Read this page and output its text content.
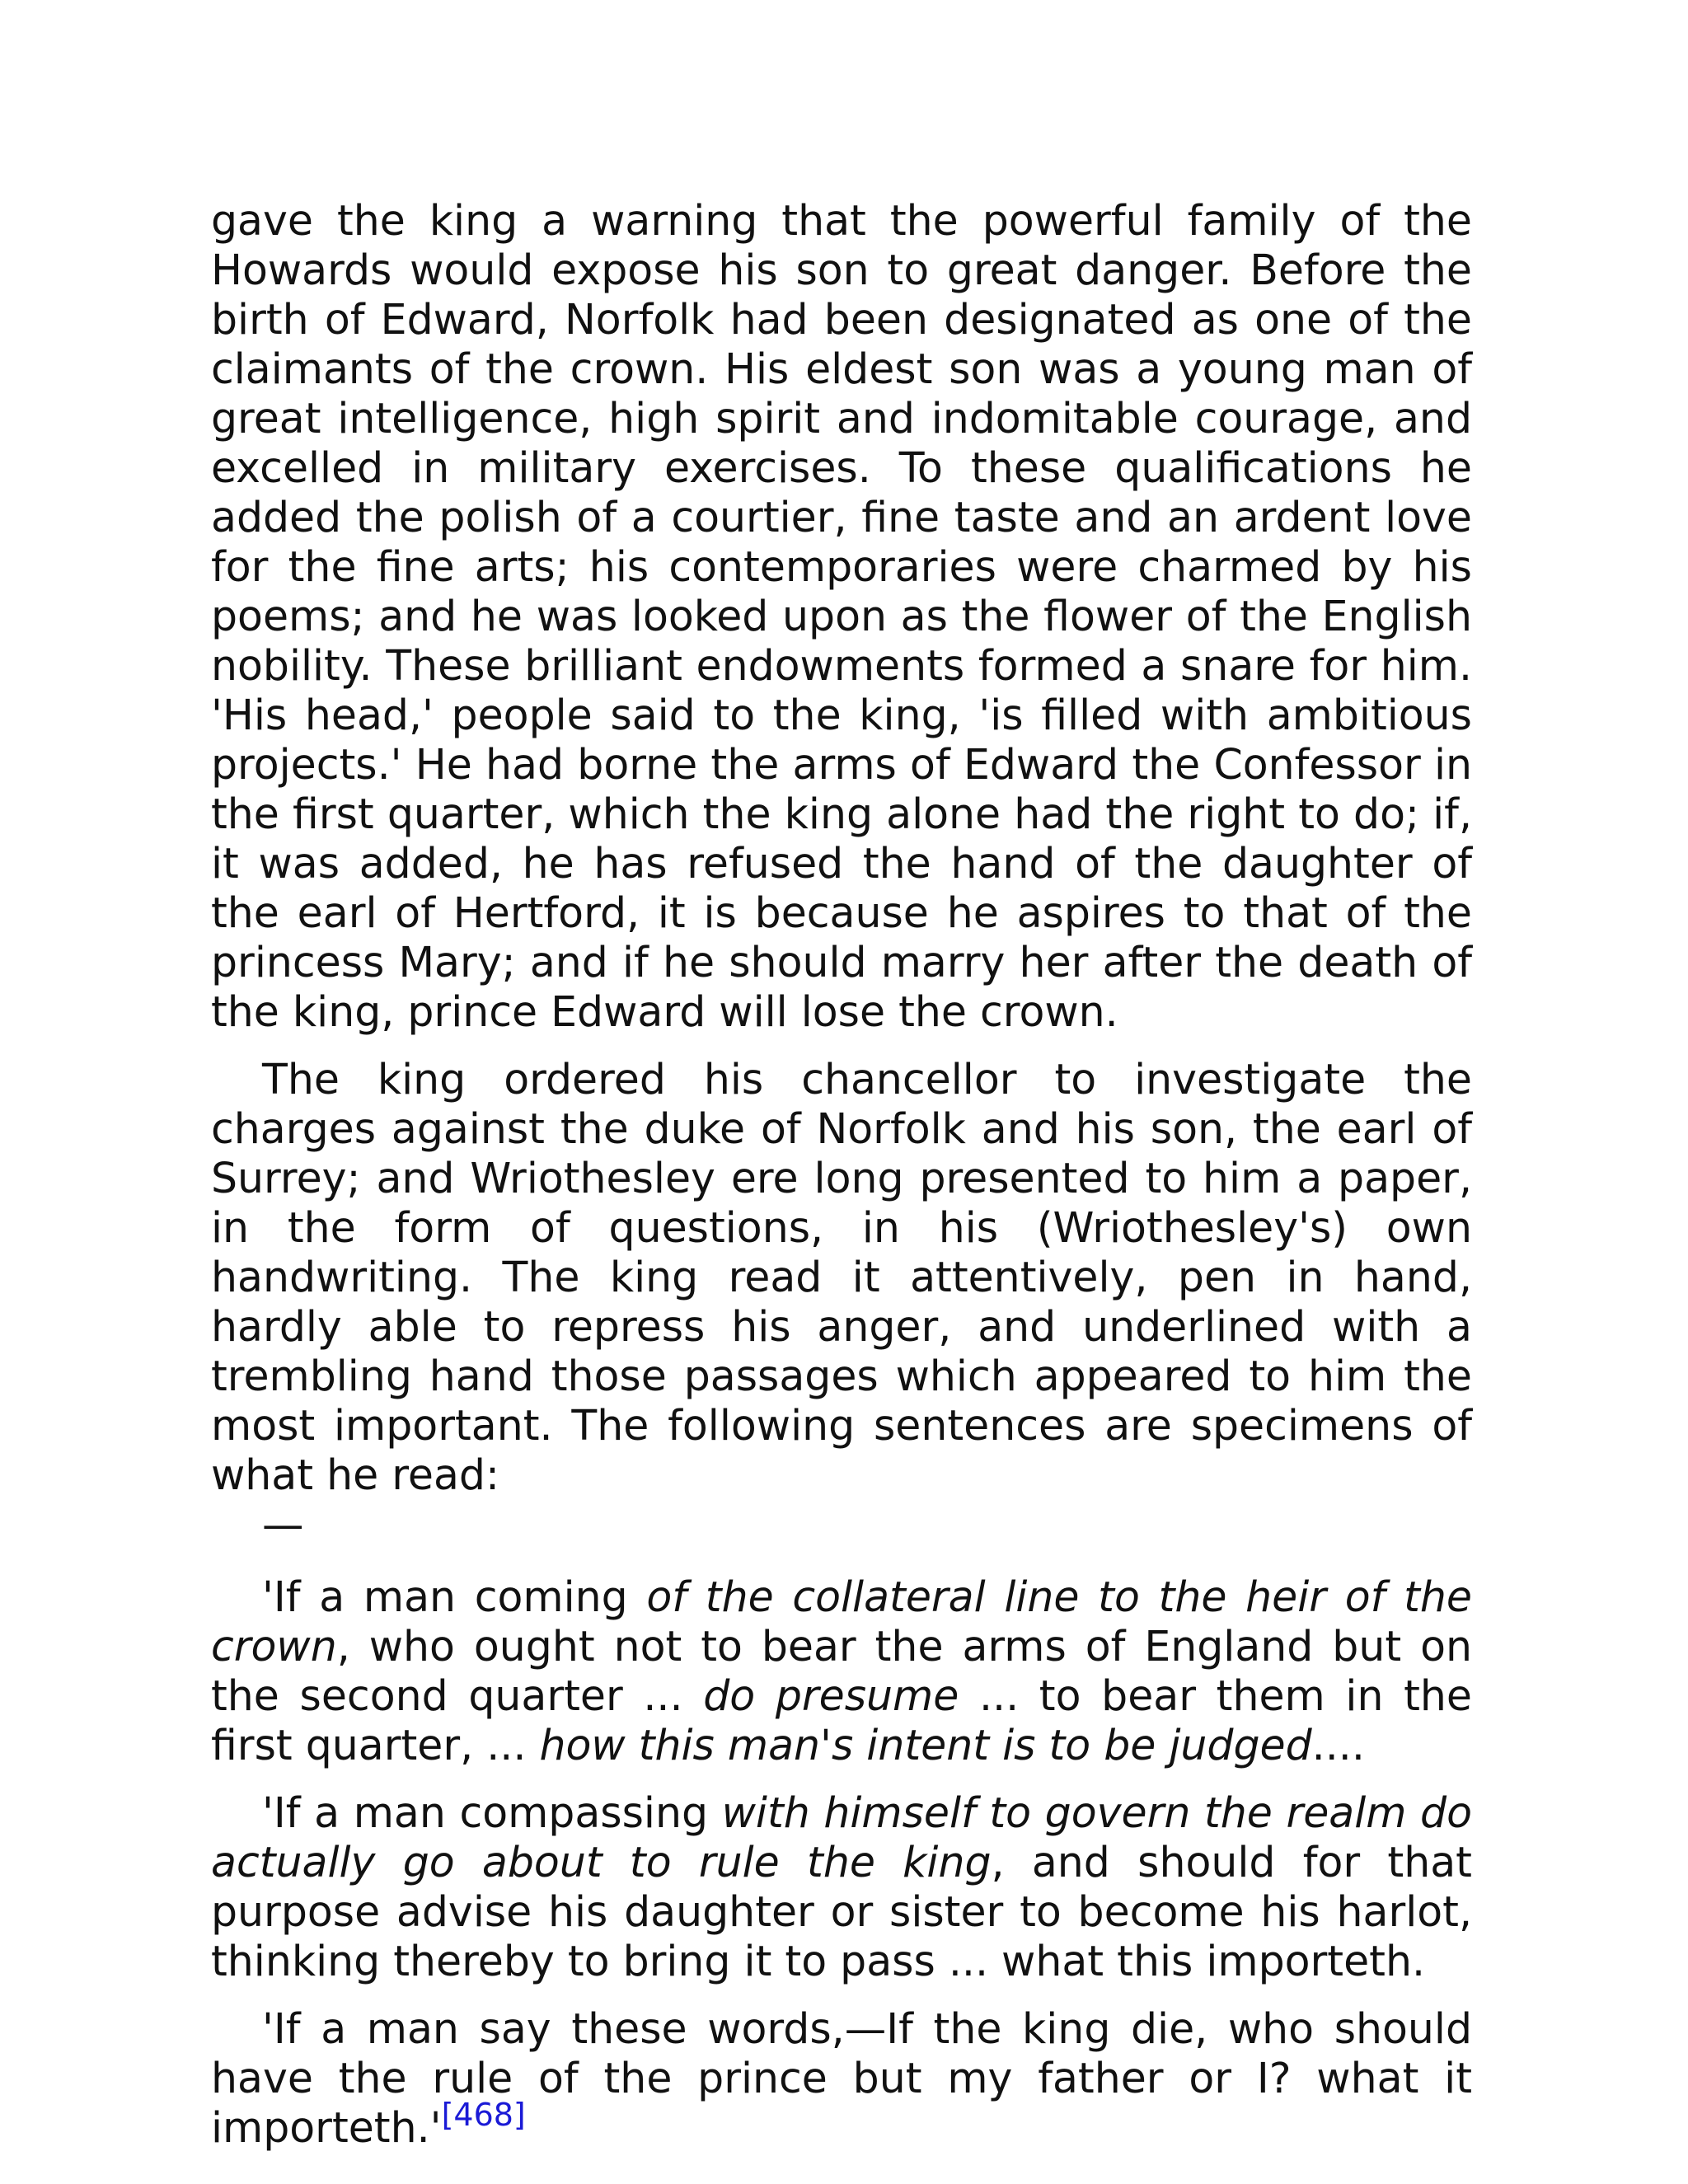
gave the king a warning that the powerful family of the Howards would expose his son to great danger. Before the birth of Edward, Norfolk had been designated as one of the claimants of the crown. His eldest son was a young man of great intelligence, high spirit and indomitable courage, and excelled in military exercises. To these qualifications he added the polish of a courtier, fine taste and an ardent love for the fine arts; his contemporaries were charmed by his poems; and he was looked upon as the flower of the English nobility. These brilliant endowments formed a snare for him. 'His head,' people said to the king, 'is filled with ambitious projects.' He had borne the arms of Edward the Confessor in the first quarter, which the king alone had the right to do; if, it was added, he has refused the hand of the daughter of the earl of Hertford, it is because he aspires to that of the princess Mary; and if he should marry her after the death of the king, prince Edward will lose the crown.

The king ordered his chancellor to investigate the charges against the duke of Norfolk and his son, the earl of Surrey; and Wriothesley ere long presented to him a paper, in the form of questions, in his (Wriothesley's) own handwriting. The king read it attentively, pen in hand, hardly able to repress his anger, and underlined with a trembling hand those passages which appeared to him the most important. The following sentences are specimens of what he read:
—

'If a man coming of the collateral line to the heir of the crown, who ought not to bear the arms of England but on the second quarter ... do presume ... to bear them in the first quarter, ... how this man's intent is to be judged....

'If a man compassing with himself to govern the realm do actually go about to rule the king, and should for that purpose advise his daughter or sister to become his harlot, thinking thereby to bring it to pass ... what this importeth.

'If a man say these words,—If the king die, who should have the rule of the prince but my father or I? what it importeth.'[468]
